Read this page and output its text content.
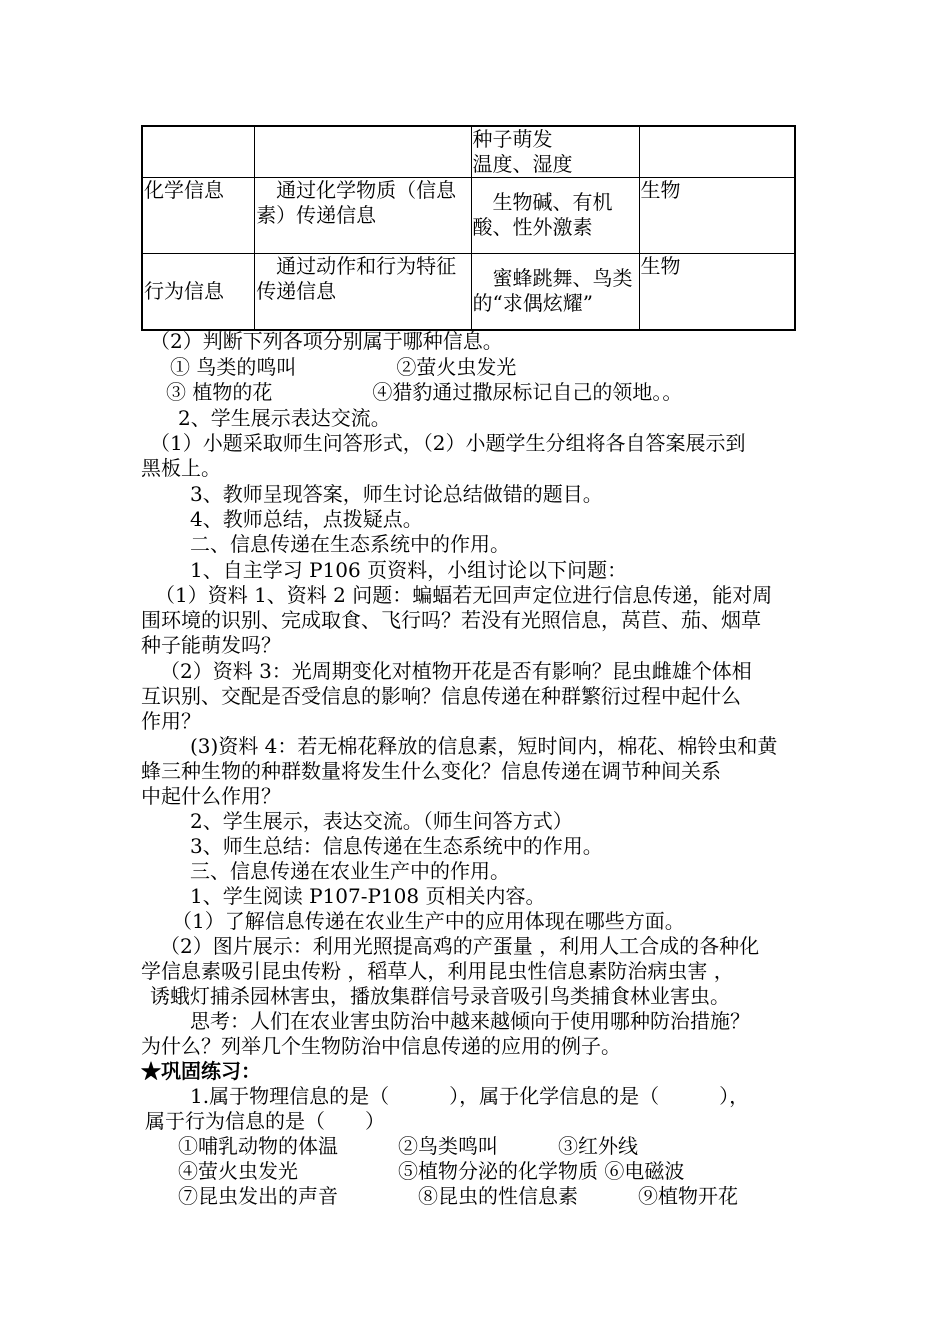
		种子萌发
温度、湿度	

化学信息	　通过化学物质（信息素）传递信息	　生物碱、有机酸、性外激素	生物
行为信息	　通过动作和行为特征传递信息	　蜜蜂跳舞、鸟类的“求偶炫耀”	生物
（2）判断下列各项分别属于哪种信息。
① 鸟类的鸣叫　　　　　②萤火虫发光
③ 植物的花　　　　　④猎豹通过撒尿标记自己的领地。。
2、学生展示表达交流。
（1）小题采取师生问答形式，（2）小题学生分组将各自答案展示到
黑板上。
3、教师呈现答案，师生讨论总结做错的题目。
4、教师总结，点拨疑点。
二、信息传递在生态系统中的作用。
1、自主学习 P106 页资料，小组讨论以下问题：
（1）资料 1、资料 2 问题：蝙蝠若无回声定位进行信息传递，能对周
围环境的识别、完成取食、飞行吗？若没有光照信息，莴苣、茄、烟草
种子能萌发吗？
（2）资料 3：光周期变化对植物开花是否有影响？昆虫雌雄个体相
互识别、交配是否受信息的影响？信息传递在种群繁衍过程中起什么
作用？
(3)资料 4：若无棉花释放的信息素，短时间内，棉花、棉铃虫和黄
蜂三种生物的种群数量将发生什么变化？信息传递在调节种间关系
中起什么作用？
2、学生展示，表达交流。（师生问答方式）
3、师生总结：信息传递在生态系统中的作用。
三、信息传递在农业生产中的作用。
1、学生阅读 P107-P108 页相关内容。
（1）了解信息传递在农业生产中的应用体现在哪些方面。
（2）图片展示：利用光照提高鸡的产蛋量 ，利用人工合成的各种化
学信息素吸引昆虫传粉 ，稻草人，利用昆虫性信息素防治病虫害 ，
诱蛾灯捕杀园林害虫，播放集群信号录音吸引鸟类捕食林业害虫。
思考：人们在农业害虫防治中越来越倾向于使用哪种防治措施？
为什么？列举几个生物防治中信息传递的应用的例子。
★巩固练习：
1.属于物理信息的是（　　　），属于化学信息的是（　　　），
属于行为信息的是（　　）
①哺乳动物的体温　　　②鸟类鸣叫　　　③红外线
④萤火虫发光　　　　　⑤植物分泌的化学物质 ⑥电磁波
⑦昆虫发出的声音　　　　⑧昆虫的性信息素　　　⑨植物开花
